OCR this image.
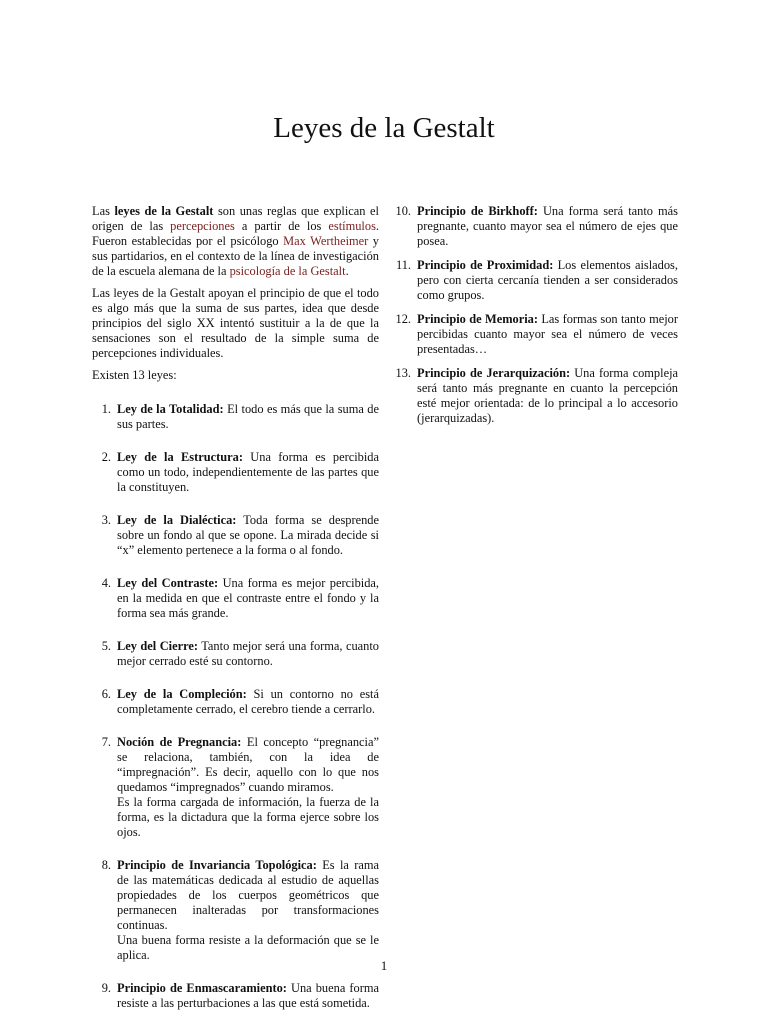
Leyes de la Gestalt

Las leyes de la Gestalt son unas reglas que explican el origen de las percepciones a partir de los estímulos. Fueron establecidas por el psicólogo Max Wertheimer y sus partidarios, en el contexto de la línea de investigación de la escuela alemana de la psicología de la Gestalt.

Las leyes de la Gestalt apoyan el principio de que el todo es algo más que la suma de sus partes, idea que desde principios del siglo XX intentó sustituir a la de que la sensaciones son el resultado de la simple suma de percepciones individuales.

Existen 13 leyes:

1. Ley de la Totalidad: El todo es más que la suma de sus partes.
2. Ley de la Estructura: Una forma es percibida como un todo, independientemente de las partes que la constituyen.
3. Ley de la Dialéctica: Toda forma se desprende sobre un fondo al que se opone. La mirada decide si “x” elemento pertenece a la forma o al fondo.
4. Ley del Contraste: Una forma es mejor percibida, en la medida en que el contraste entre el fondo y la forma sea más grande.
5. Ley del Cierre: Tanto mejor será una forma, cuanto mejor cerrado esté su contorno.
6. Ley de la Compleción: Si un contorno no está completamente cerrado, el cerebro tiende a cerrarlo.
7. Noción de Pregnancia: El concepto “pregnancia” se relaciona, también, con la idea de “impregnación”. Es decir, aquello con lo que nos quedamos “impregnados” cuando miramos.
Es la forma cargada de información, la fuerza de la forma, es la dictadura que la forma ejerce sobre los ojos.
8. Principio de Invariancia Topológica: Es la rama de las matemáticas dedicada al estudio de aquellas propiedades de los cuerpos geométricos que permanecen inalteradas por transformaciones continuas.
Una buena forma resiste a la deformación que se le aplica.
9. Principio de Enmascaramiento: Una buena forma resiste a las perturbaciones a las que está sometida.
10. Principio de Birkhoff: Una forma será tanto más pregnante, cuanto mayor sea el número de ejes que posea.
11. Principio de Proximidad: Los elementos aislados, pero con cierta cercanía tienden a ser considerados como grupos.
12. Principio de Memoria: Las formas son tanto mejor percibidas cuanto mayor sea el número de veces presentadas…
13. Principio de Jerarquización: Una forma compleja será tanto más pregnante en cuanto la percepción esté mejor orientada: de lo principal a lo accesorio (jerarquizadas).
1
